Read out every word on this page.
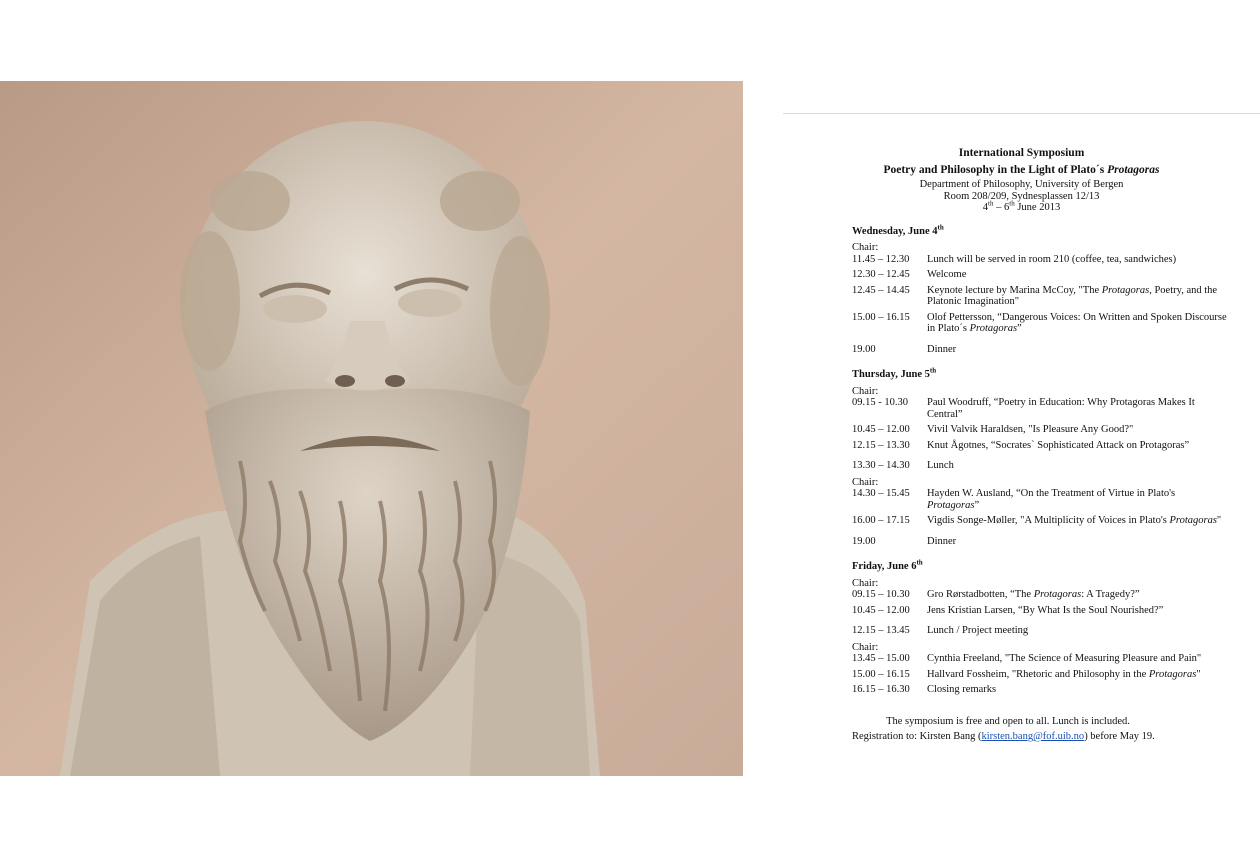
International Symposium
Poetry and Philosophy in the Light of Plato´s Protagoras
Department of Philosophy, University of Bergen
Room 208/209, Sydnesplassen 12/13
4th – 6th June 2013
Wednesday, June 4th
Chair:
11.45 – 12.30	Lunch will be served in room 210 (coffee, tea, sandwiches)
12.30 – 12.45	Welcome
12.45 – 14.45	Keynote lecture by Marina McCoy, "The Protagoras, Poetry, and the Platonic Imagination"
15.00 – 16.15	Olof Pettersson, “Dangerous Voices: On Written and Spoken Discourse in Plato´s Protagoras”
19.00	Dinner
Thursday, June 5th
Chair:
09.15 - 10.30	Paul Woodruff, “Poetry in Education: Why Protagoras Makes It Central”
10.45 – 12.00	Vivil Valvik Haraldsen, "Is Pleasure Any Good?"
12.15 – 13.30	Knut Ågotnes, “Socrates` Sophisticated Attack on Protagoras”
13.30 – 14.30	Lunch
Chair:
14.30 – 15.45	Hayden W. Ausland, “On the Treatment of Virtue in Plato's Protagoras”
16.00 – 17.15	Vigdis Songe-Møller, "A Multiplicity of Voices in Plato's Protagoras"
19.00	Dinner
Friday, June 6th
Chair:
09.15 – 10.30	Gro Rørstadbotten, “The Protagoras: A Tragedy?”
10.45 – 12.00	Jens Kristian Larsen, “By What Is the Soul Nourished?”
12.15 – 13.45	Lunch / Project meeting
Chair:
13.45 – 15.00	Cynthia Freeland, "The Science of Measuring Pleasure and Pain"
15.00 – 16.15	Hallvard Fossheim, "Rhetoric and Philosophy in the Protagoras"
16.15 – 16.30	Closing remarks
The symposium is free and open to all. Lunch is included.
Registration to: Kirsten Bang (kirsten.bang@fof.uib.no) before May 19.
